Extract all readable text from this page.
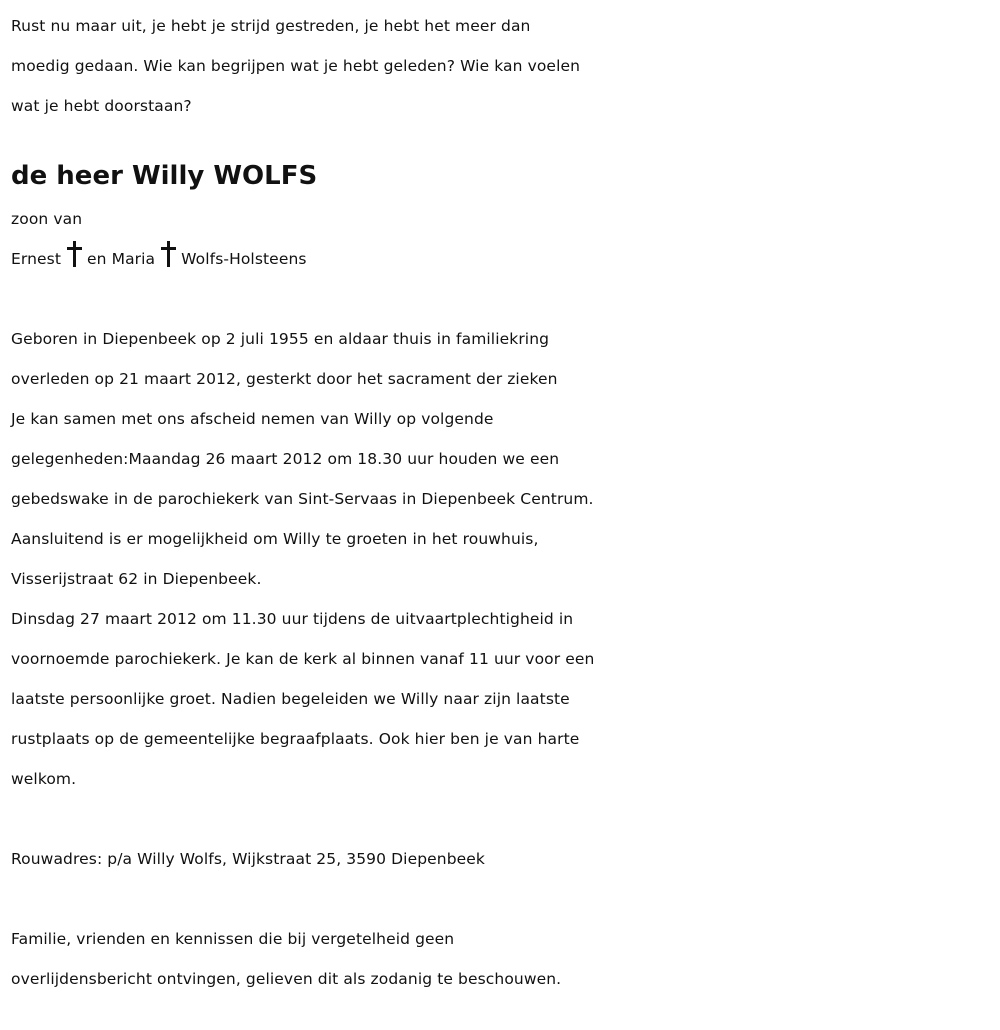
Rust nu maar uit, je hebt je strijd gestreden, je hebt het meer dan
moedig gedaan. Wie kan begrijpen wat je hebt geleden? Wie kan voelen
wat je hebt doorstaan?
de heer Willy WOLFS
zoon van
Ernest en Maria Wolfs-Holsteens
Geboren in Diepenbeek op 2 juli 1955 en aldaar thuis in familiekring
overleden op 21 maart 2012, gesterkt door het sacrament der zieken
Je kan samen met ons afscheid nemen van Willy op volgende
gelegenheden:Maandag 26 maart 2012 om 18.30 uur houden we een
gebedswake in de parochiekerk van Sint-Servaas in Diepenbeek Centrum.
Aansluitend is er mogelijkheid om Willy te groeten in het rouwhuis,
Visserijstraat 62 in Diepenbeek.
Dinsdag 27 maart 2012 om 11.30 uur tijdens de uitvaartplechtigheid in
voornoemde parochiekerk. Je kan de kerk al binnen vanaf 11 uur voor een
laatste persoonlijke groet. Nadien begeleiden we Willy naar zijn laatste
rustplaats op de gemeentelijke begraafplaats. Ook hier ben je van harte
welkom.
Rouwadres: p/a Willy Wolfs, Wijkstraat 25, 3590 Diepenbeek
Familie, vrienden en kennissen die bij vergetelheid geen
overlijdensbericht ontvingen, gelieven dit als zodanig te beschouwen.
